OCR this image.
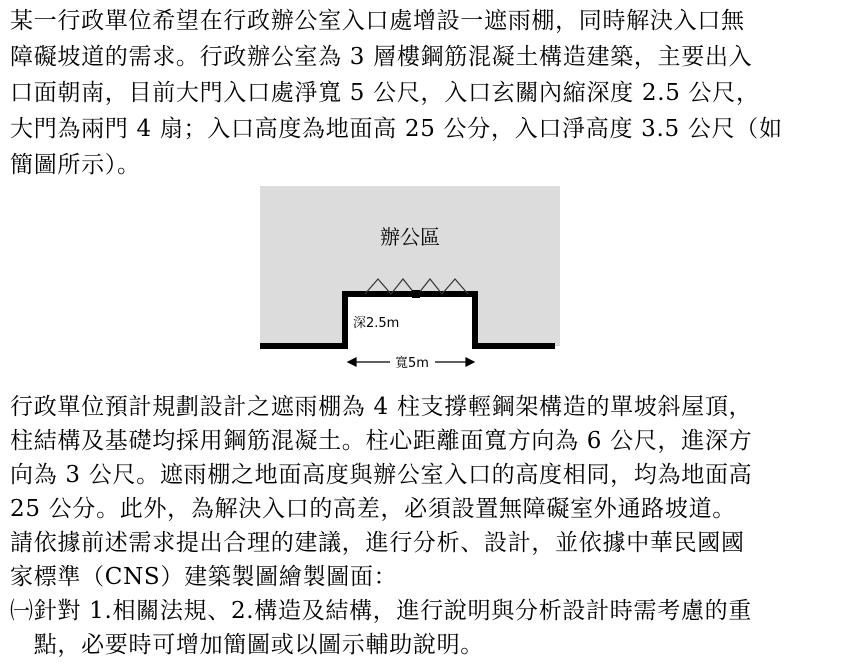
某一行政單位希望在行政辦公室入口處增設一遮雨棚，同時解決入口無
障礙坡道的需求。行政辦公室為 3 層樓鋼筋混凝土構造建築，主要出入
口面朝南，目前大門入口處淨寬 5 公尺，入口玄關內縮深度 2.5 公尺，
大門為兩門 4 扇；入口高度為地面高 25 公分，入口淨高度 3.5 公尺（如
簡圖所示）。
辦公區
深2.5m
寬5m
行政單位預計規劃設計之遮雨棚為 4 柱支撐輕鋼架構造的單坡斜屋頂，
柱結構及基礎均採用鋼筋混凝土。柱心距離面寬方向為 6 公尺，進深方
向為 3 公尺。遮雨棚之地面高度與辦公室入口的高度相同，均為地面高
25 公分。此外，為解決入口的高差，必須設置無障礙室外通路坡道。
請依據前述需求提出合理的建議，進行分析、設計，並依據中華民國國
家標準（CNS）建築製圖繪製圖面：
㈠針對 1.相關法規、2.構造及結構，進行說明與分析設計時需考慮的重
　點，必要時可增加簡圖或以圖示輔助說明。
